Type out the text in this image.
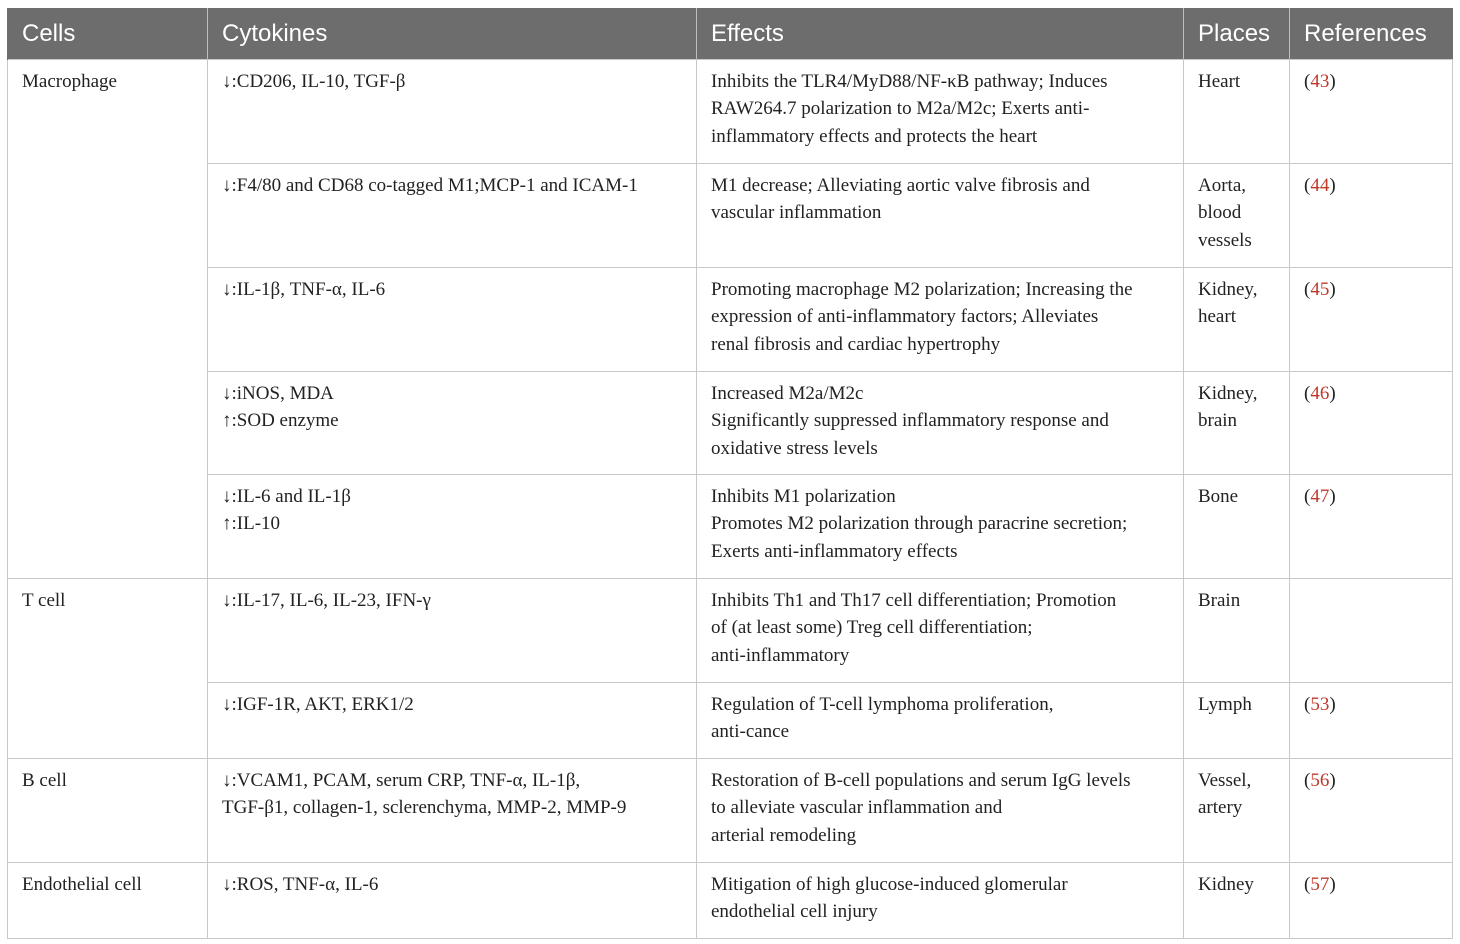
Cells	Cytokines	Effects	Places	References
Macrophage	↓:CD206, IL-10, TGF-β	Inhibits the TLR4/MyD88/NF-κB pathway; Induces
RAW264.7 polarization to M2a/M2c; Exerts anti-
inflammatory effects and protects the heart	Heart	(43)

	↓:F4/80 and CD68 co-tagged M1;MCP-1 and ICAM-1	M1 decrease; Alleviating aortic valve fibrosis and
vascular inflammation	Aorta,
blood
vessels	(44)

	↓:IL-1β, TNF-α, IL-6	Promoting macrophage M2 polarization; Increasing the
expression of anti-inflammatory factors; Alleviates
renal fibrosis and cardiac hypertrophy	Kidney,
heart	(45)

	↓:iNOS, MDA
↑:SOD enzyme	Increased M2a/M2c
Significantly suppressed inflammatory response and
oxidative stress levels	Kidney,
brain	(46)

	↓:IL-6 and IL-1β
↑:IL-10	Inhibits M1 polarization
Promotes M2 polarization through paracrine secretion;
Exerts anti-inflammatory effects	Bone	(47)
T cell	↓:IL-17, IL-6, IL-23, IFN-γ	Inhibits Th1 and Th17 cell differentiation; Promotion
of (at least some) Treg cell differentiation;
anti-inflammatory	Brain	

	↓:IGF-1R, AKT, ERK1/2	Regulation of T-cell lymphoma proliferation,
anti-cance	Lymph	(53)
B cell	↓:VCAM1, PCAM, serum CRP, TNF-α, IL-1β,
TGF-β1, collagen-1, sclerenchyma, MMP-2, MMP-9	Restoration of B-cell populations and serum IgG levels
to alleviate vascular inflammation and
arterial remodeling	Vessel,
artery	(56)
Endothelial cell	↓:ROS, TNF-α, IL-6	Mitigation of high glucose-induced glomerular
endothelial cell injury	Kidney	(57)
